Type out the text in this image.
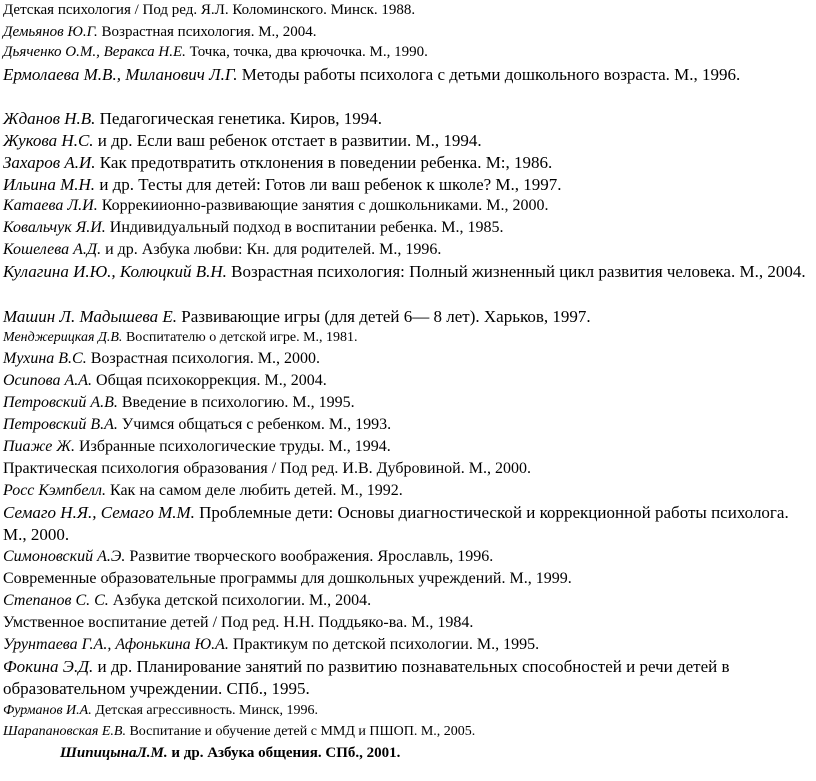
Детская психология / Под ред. Я.Л. Коломинского. Минск. 1988.

Демьянов Ю.Г. Возрастная психология. М., 2004.

Дьяченко О.М., Веракса Н.Е. Точка, точка, два крючочка. М., 1990.

Ермолаева М.В., Миланович Л.Г. Методы работы психолога с детьми дошкольного возраста. М., 1996.

Жданов Н.В. Педагогическая генетика. Киров, 1994.

Жукова Н.С. и др. Если ваш ребенок отстает в развитии. М., 1994.

Захаров А.И. Как предотвратить отклонения в поведении ребенка. М:, 1986.

Ильина М.Н. и др. Тесты для детей: Готов ли ваш ребенок к школе? М., 1997.

Катаева Л.И. Коррекиионно-развивающие занятия с дошкольниками. М., 2000.

Ковальчук Я.И. Индивидуальный подход в воспитании ребенка. М., 1985.

Кошелева А.Д. и др. Азбука любви: Кн. для родителей. М., 1996.

Кулагина И.Ю., Колюцкий В.Н. Возрастная психология: Полный жизненный цикл развития человека. М., 2004.

Машин Л. Мадышева Е. Развивающие игры (для детей 6— 8 лет). Харьков, 1997.

Менджерицкая Д.В. Воспитателю о детской игре. М., 1981.

Мухина В.С. Возрастная психология. М., 2000.

Осипова А.А. Общая психокоррекция. М., 2004.

Петровский А.В. Введение в психологию. М., 1995.

Петровский В.А. Учимся общаться с ребенком. М., 1993.

Пиаже Ж. Избранные психологические труды. М., 1994.

Практическая психология образования / Под ред. И.В. Дубровиной. М., 2000.

Росс Кэмпбелл. Как на самом деле любить детей. М., 1992.

Семаго Н.Я., Семаго М.М. Проблемные дети: Основы диагностической и коррекционной работы психолога. М., 2000.

Симоновский А.Э. Развитие творческого воображения. Ярославль, 1996.

Современные образовательные программы для дошкольных учреждений. М., 1999.

Степанов С. С. Азбука детской психологии. М., 2004.

Умственное воспитание детей / Под ред. Н.Н. Поддьяко-ва. М., 1984.

Урунтаева Г.А., Афонькина Ю.А. Практикум по детской психологии. М., 1995.

Фокина Э.Д. и др. Планирование занятий по развитию познавательных способностей и речи детей в образовательном учреждении. СПб., 1995.

Фурманов И.А. Детская агрессивность. Минск, 1996.

Шарапановская Е.В. Воспитание и обучение детей с ММД и ПШОП. М., 2005.

ШипицынаЛ.М. и др. Азбука общения. СПб., 2001.
